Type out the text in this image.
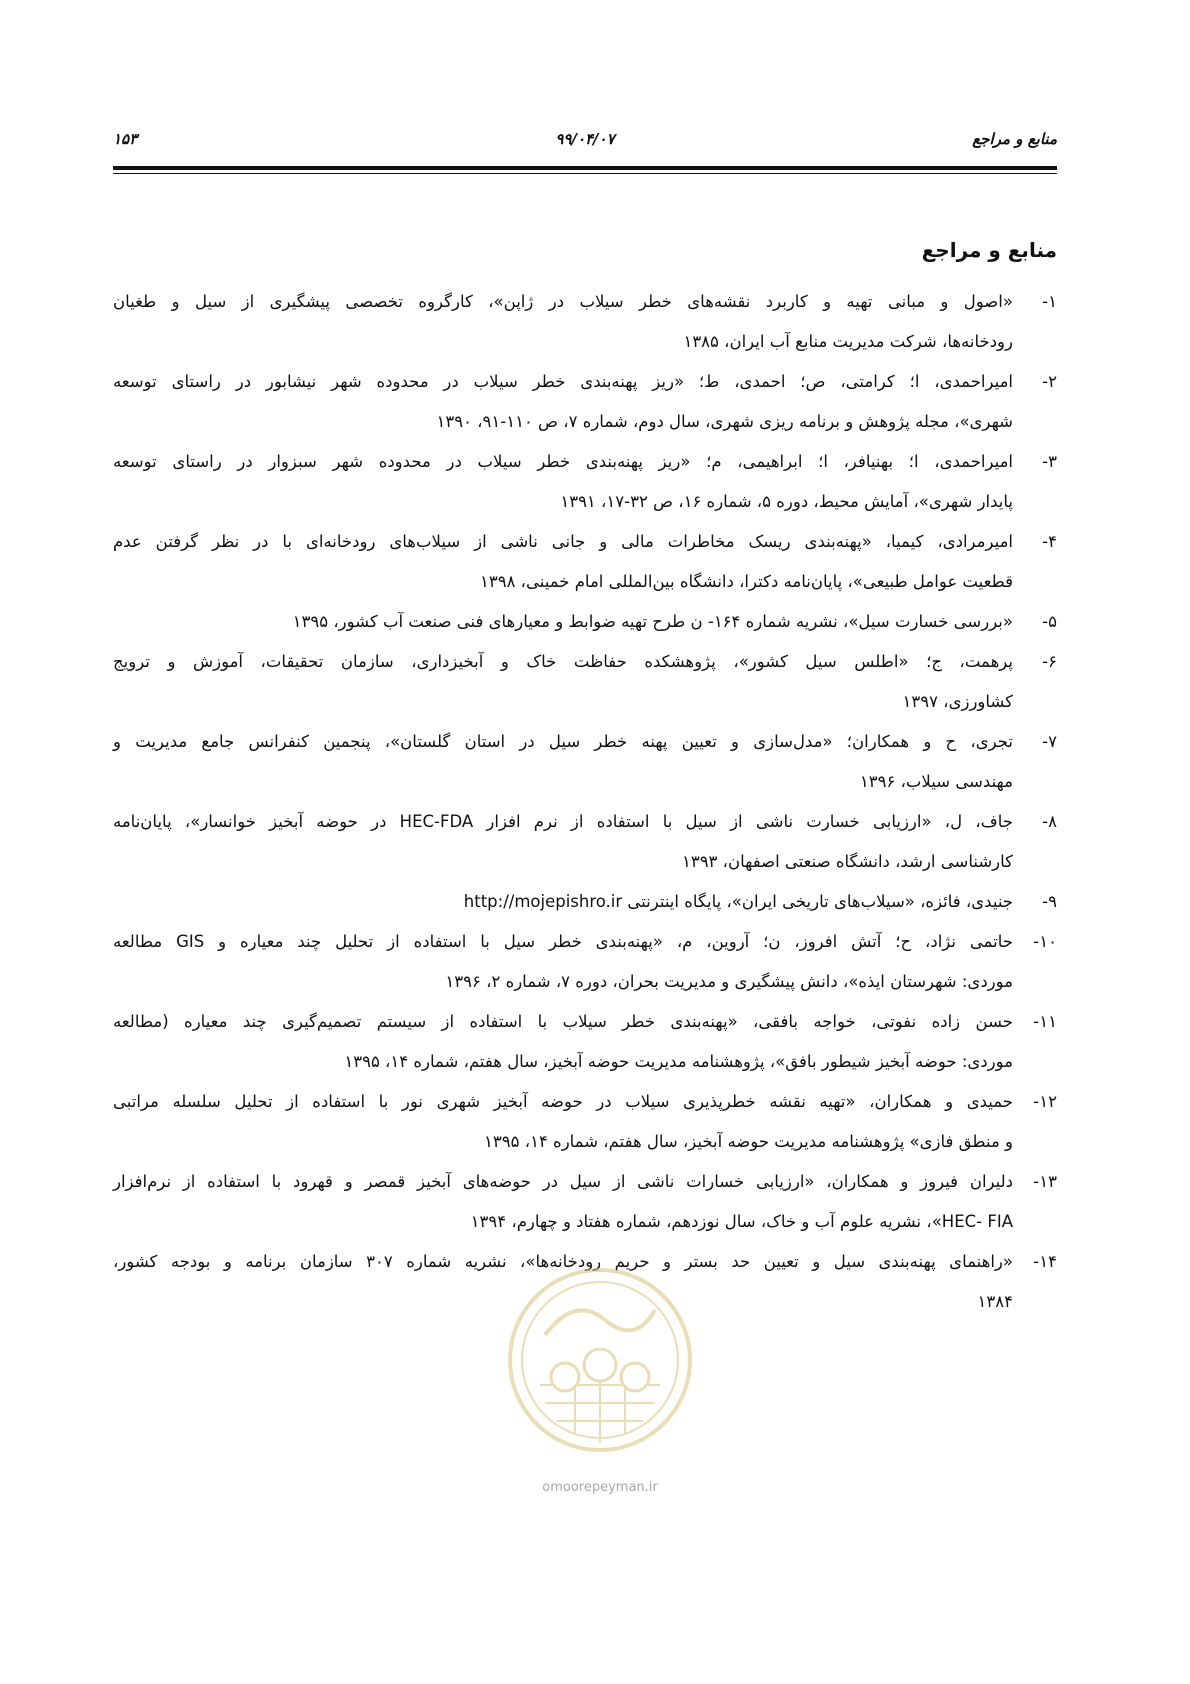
منابع و مراجع
۹۹/۰۴/۰۷
۱۵۳
منابع و مراجع
۱-
«اصول و مبانی تهیه و کاربرد نقشه‌های خطر سیلاب در ژاپن»، کارگروه تخصصی پیشگیری از سیل و طغیان
رودخانه‌ها، شرکت مدیریت منابع آب ایران، ۱۳۸۵
۲-
امیراحمدی، ا؛ کرامتی، ص؛ احمدی، ط؛ «ریز پهنه‌بندی خطر سیلاب در محدوده شهر نیشابور در راستای توسعه
شهری»، مجله پژوهش و برنامه ریزی شهری، سال دوم، شماره ۷، ص ۱۱۰-۹۱، ۱۳۹۰
۳-
امیراحمدی، ا؛ بهنیافر، ا؛ ابراهیمی، م؛ «ریز پهنه‌بندی خطر سیلاب در محدوده شهر سبزوار در راستای توسعه
پایدار شهری»، آمایش محیط، دوره ۵، شماره ۱۶، ص ۳۲-۱۷، ۱۳۹۱
۴-
امیرمرادی، کیمیا، «پهنه‌بندی ریسک مخاطرات مالی و جانی ناشی از سیلاب‌های رودخانه‌ای با در نظر گرفتن عدم
قطعیت عوامل طبیعی»، پایان‌نامه دکترا، دانشگاه بین‌المللی امام خمینی، ۱۳۹۸
۵-
«بررسی خسارت سیل»، نشریه شماره ۱۶۴- ن طرح تهیه ضوابط و معیارهای فنی صنعت آب کشور، ۱۳۹۵
۶-
پرهمت، ج؛ «اطلس سیل کشور»، پژوهشکده حفاظت خاک و آبخیزداری، سازمان تحقیقات، آموزش و ترویج
کشاورزی، ۱۳۹۷
۷-
تجری، ح و همکاران؛ «مدل‌سازی و تعیین پهنه خطر سیل در استان گلستان»، پنجمین کنفرانس جامع مدیریت و
مهندسی سیلاب، ۱۳۹۶
۸-
جاف، ل، «ارزیابی خسارت ناشی از سیل با استفاده از نرم افزار HEC-FDA در حوضه آبخیز خوانسار»، پایان‌نامه
کارشناسی ارشد، دانشگاه صنعتی اصفهان، ۱۳۹۳
۹-
جنیدی، فائزه، «سیلاب‌های تاریخی ایران»، پایگاه اینترنتی http://mojepishro.ir
۱۰-
حاتمی نژاد، ح؛ آتش افروز، ن؛ آروین، م، «پهنه‌بندی خطر سیل با استفاده از تحلیل چند معیاره و GIS مطالعه
موردی: شهرستان ایذه»، دانش پیشگیری و مدیریت بحران، دوره ۷، شماره ۲، ۱۳۹۶
۱۱-
حسن زاده نفوتی، خواجه بافقی، «پهنه‌بندی خطر سیلاب با استفاده از سیستم تصمیم‌گیری چند معیاره (مطالعه
موردی: حوضه آبخیز شیطور بافق»، پژوهشنامه مدیریت حوضه آبخیز، سال هفتم، شماره ۱۴، ۱۳۹۵
۱۲-
حمیدی و همکاران، «تهیه نقشه خطرپذیری سیلاب در حوضه آبخیز شهری نور با استفاده از تحلیل سلسله مراتبی
و منطق فازی» پژوهشنامه مدیریت حوضه آبخیز، سال هفتم، شماره ۱۴، ۱۳۹۵
۱۳-
دلیران فیروز و همکاران، «ارزیابی خسارات ناشی از سیل در حوضه‌های آبخیز قمصر و قهرود با استفاده از نرم‌افزار
HEC- FIA»، نشریه علوم آب و خاک، سال نوزدهم، شماره هفتاد و چهارم، ۱۳۹۴
۱۴-
«راهنمای پهنه‌بندی سیل و تعیین حد بستر و حریم رودخانه‌ها»، نشریه شماره ۳۰۷ سازمان برنامه و بودجه کشور،
۱۳۸۴
omoorepeyman.ir
